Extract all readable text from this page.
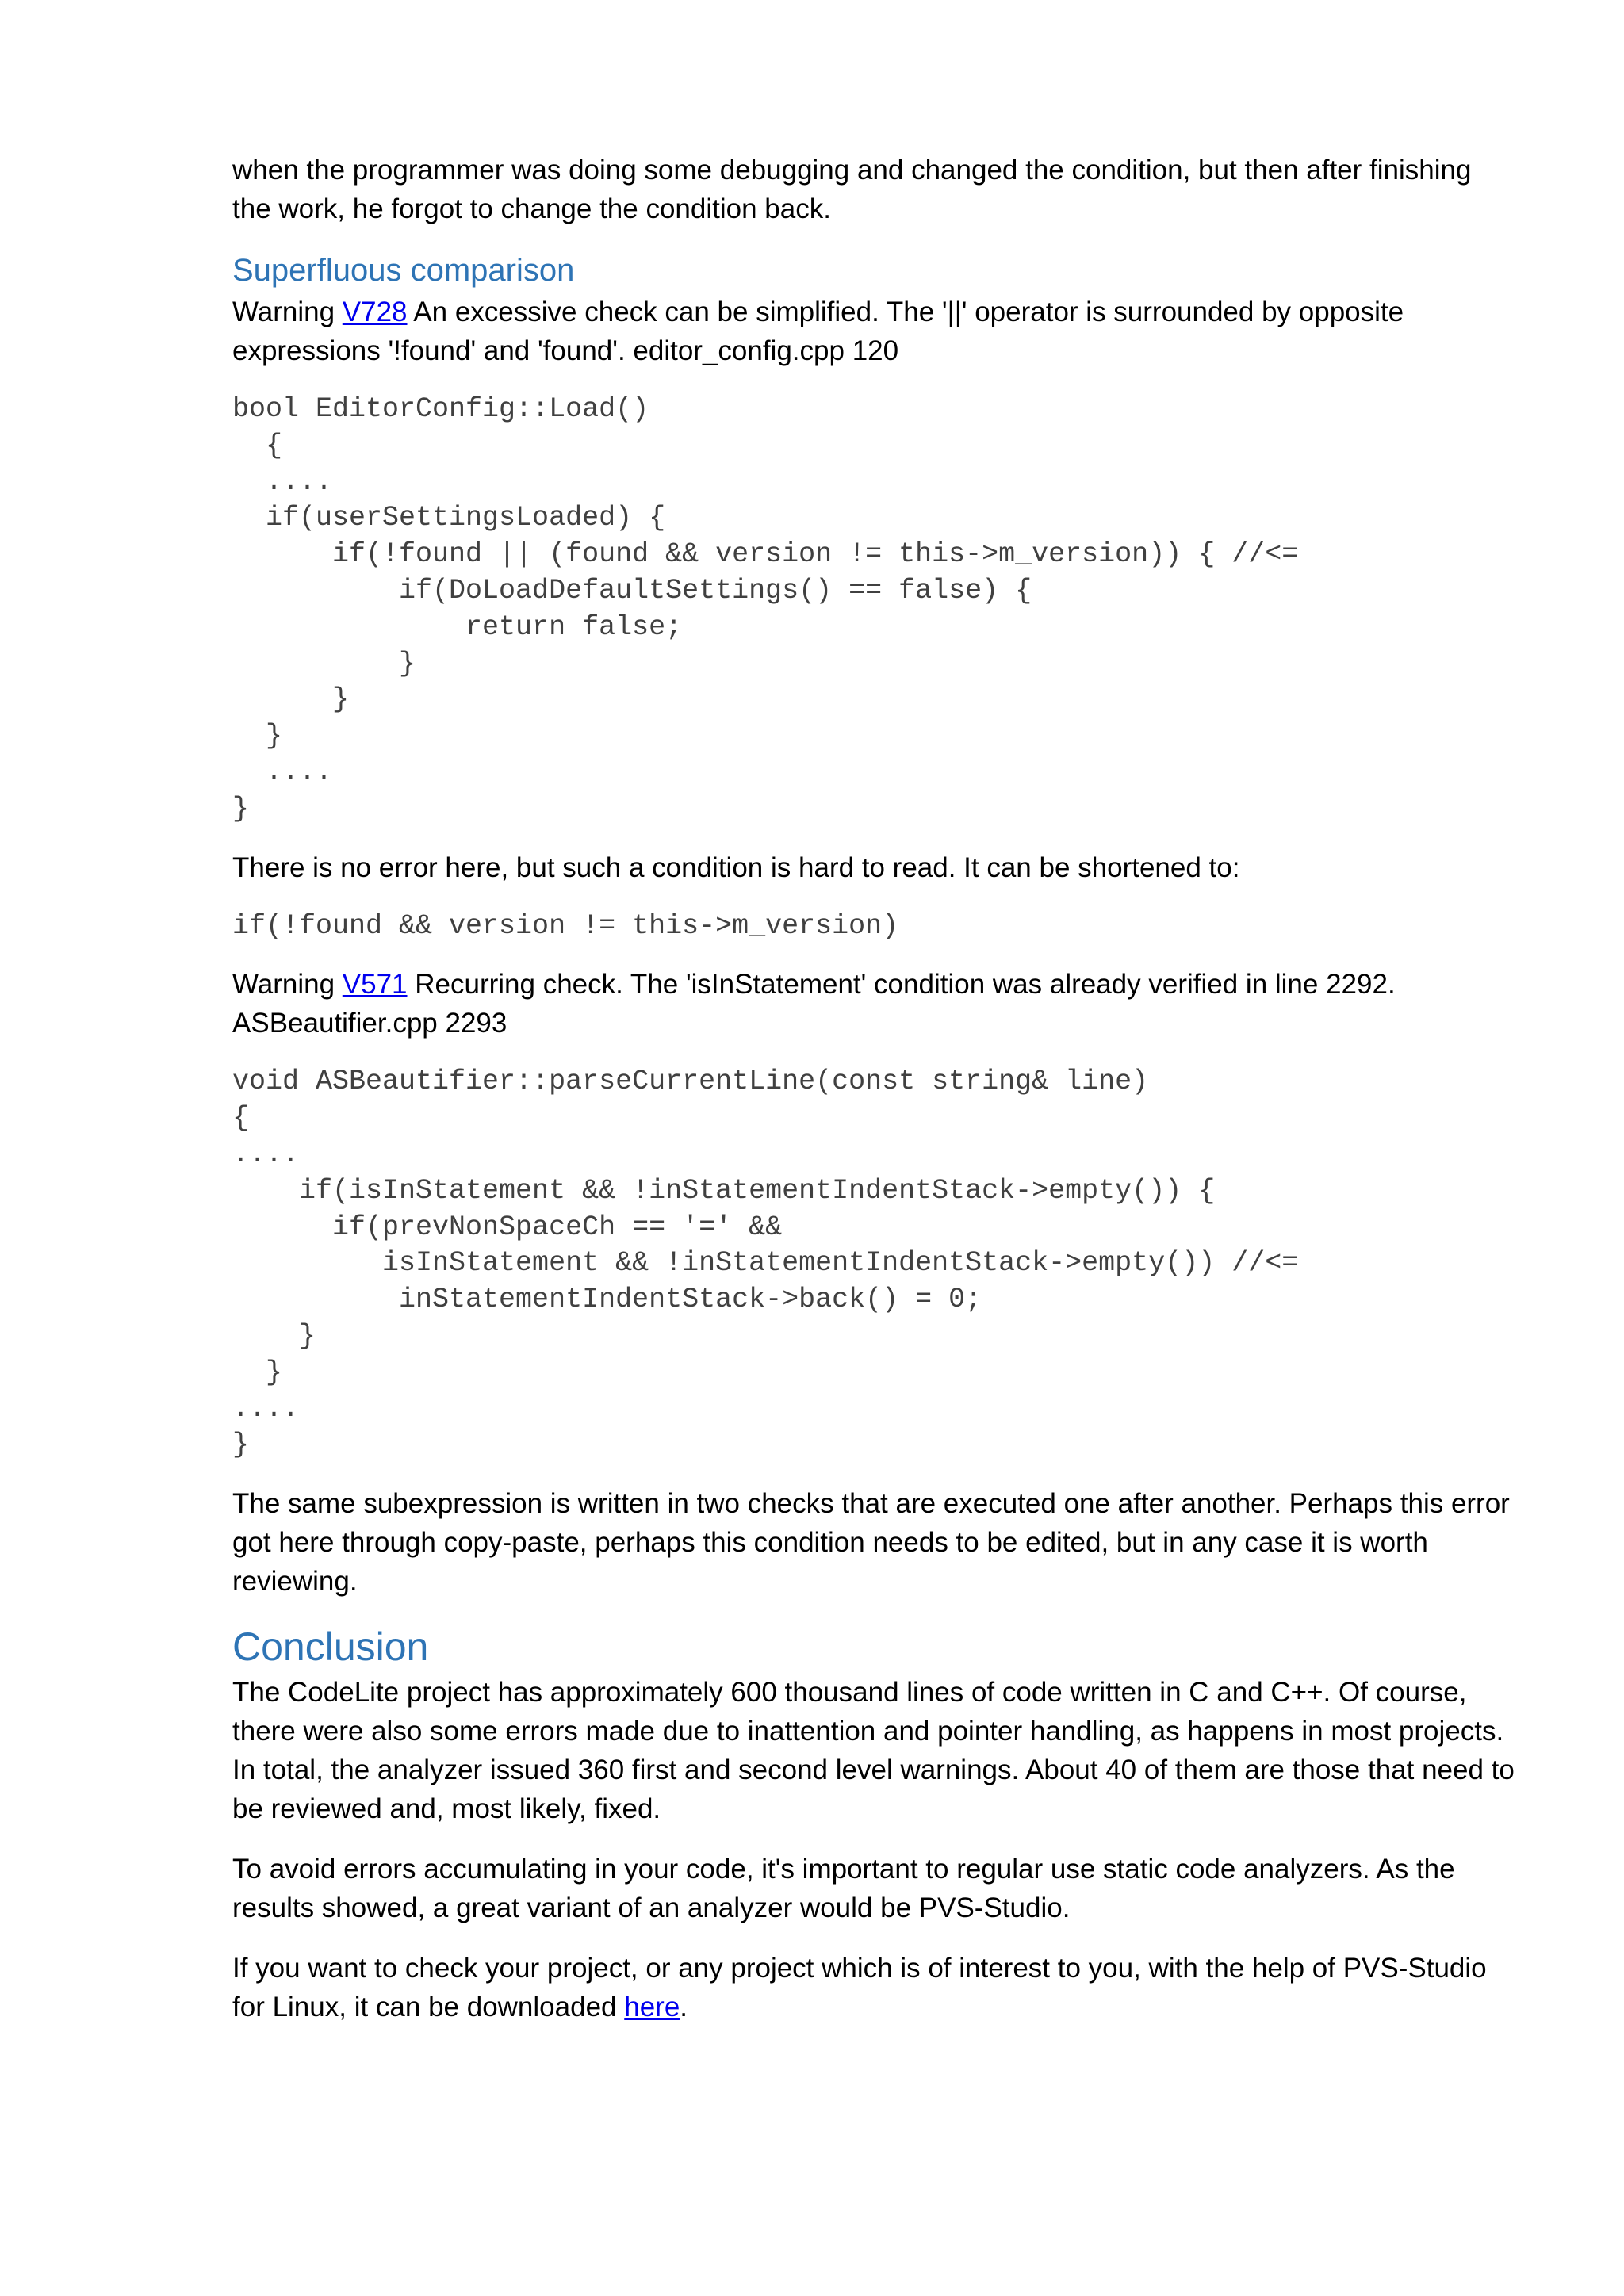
when the programmer was doing some debugging and changed the condition, but then after finishing the work, he forgot to change the condition back.

Superfluous comparison

Warning V728 An excessive check can be simplified. The '||' operator is surrounded by opposite expressions '!found' and 'found'. editor_config.cpp 120

bool EditorConfig::Load()
{
....
if(userSettingsLoaded) {
if(!found || (found && version != this->m_version)) { //<=
if(DoLoadDefaultSettings() == false) {
return false;
}
}
}
....
}

There is no error here, but such a condition is hard to read. It can be shortened to:

if(!found && version != this->m_version)

Warning V571 Recurring check. The 'isInStatement' condition was already verified in line 2292. ASBeautifier.cpp 2293

void ASBeautifier::parseCurrentLine(const string& line)
{
....
if(isInStatement && !inStatementIndentStack->empty()) {
if(prevNonSpaceCh == '=' &&
isInStatement && !inStatementIndentStack->empty()) //<=
inStatementIndentStack->back() = 0;
}
}
....
}

The same subexpression is written in two checks that are executed one after another. Perhaps this error got here through copy-paste, perhaps this condition needs to be edited, but in any case it is worth reviewing.

Conclusion

The CodeLite project has approximately 600 thousand lines of code written in C and C++. Of course, there were also some errors made due to inattention and pointer handling, as happens in most projects. In total, the analyzer issued 360 first and second level warnings. About 40 of them are those that need to be reviewed and, most likely, fixed.

To avoid errors accumulating in your code, it's important to regular use static code analyzers. As the results showed, a great variant of an analyzer would be PVS-Studio.

If you want to check your project, or any project which is of interest to you, with the help of PVS-Studio for Linux, it can be downloaded here.
